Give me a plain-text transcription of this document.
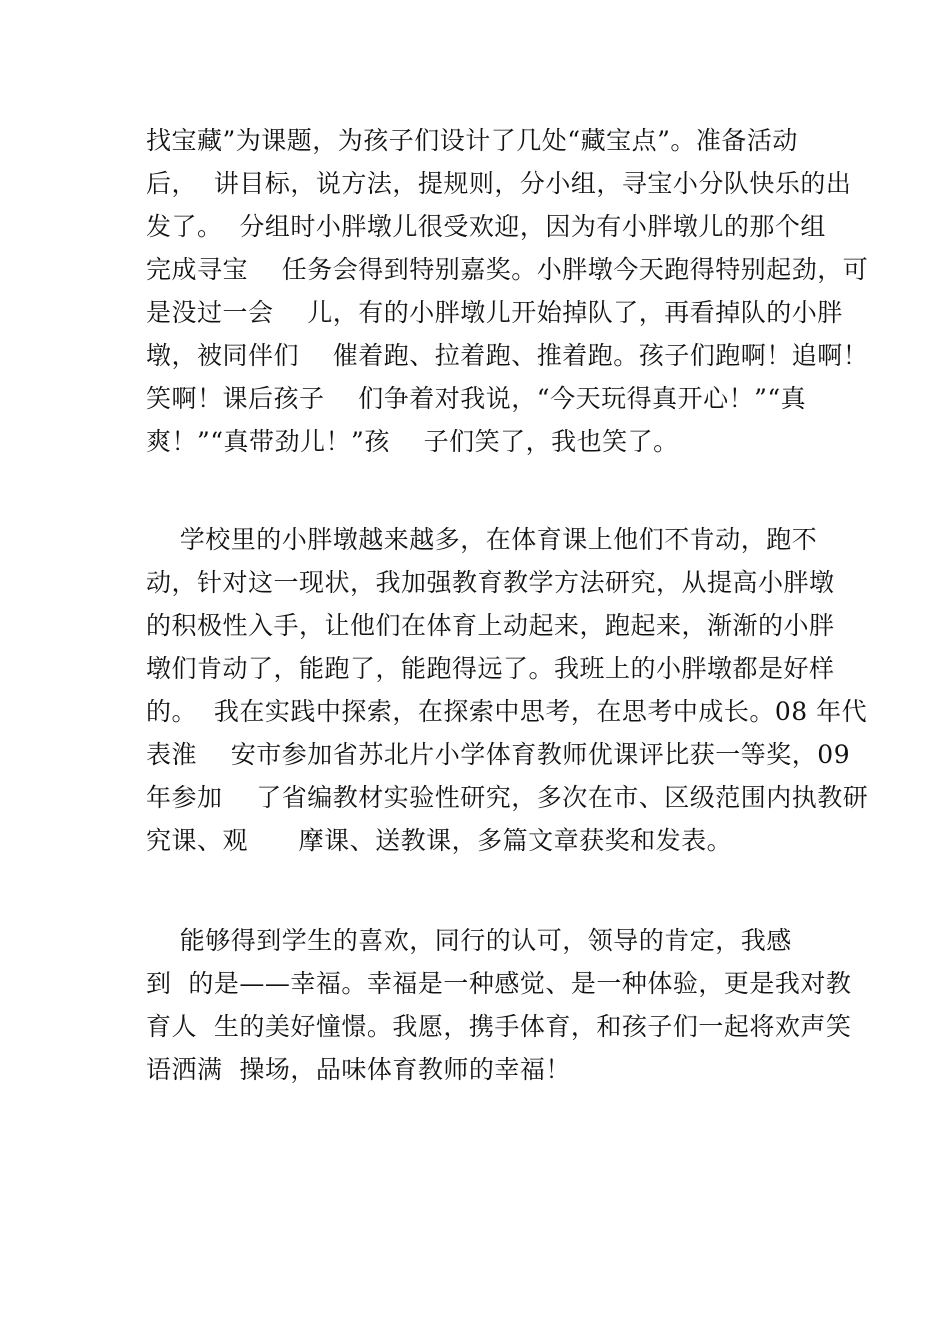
找宝藏”为课题，为孩子们设计了几处“藏宝点”。准备活动
后，  讲目标，说方法，提规则，分小组，寻宝小分队快乐的出
发了。  分组时小胖墩儿很受欢迎，因为有小胖墩儿的那个组
完成寻宝    任务会得到特别嘉奖。小胖墩今天跑得特别起劲，可
是没过一会    儿，有的小胖墩儿开始掉队了，再看掉队的小胖
墩，被同伴们    催着跑、拉着跑、推着跑。孩子们跑啊！追啊！
笑啊！课后孩子    们争着对我说，“今天玩得真开心！”“真
爽！”“真带劲儿！”孩    子们笑了，我也笑了。
学校里的小胖墩越来越多，在体育课上他们不肯动，跑不
动，针对这一现状，我加强教育教学方法研究，从提高小胖墩
的积极性入手，让他们在体育上动起来，跑起来，渐渐的小胖
墩们肯动了，能跑了，能跑得远了。我班上的小胖墩都是好样
的。  我在实践中探索，在探索中思考，在思考中成长。08 年代
表淮    安市参加省苏北片小学体育教师优课评比获一等奖，09
年参加    了省编教材实验性研究，多次在市、区级范围内执教研
究课、观      摩课、送教课，多篇文章获奖和发表。
能够得到学生的喜欢，同行的认可，领导的肯定，我感
到  的是——幸福。幸福是一种感觉、是一种体验，更是我对教
育人  生的美好憧憬。我愿，携手体育，和孩子们一起将欢声笑
语洒满  操场，品味体育教师的幸福！
